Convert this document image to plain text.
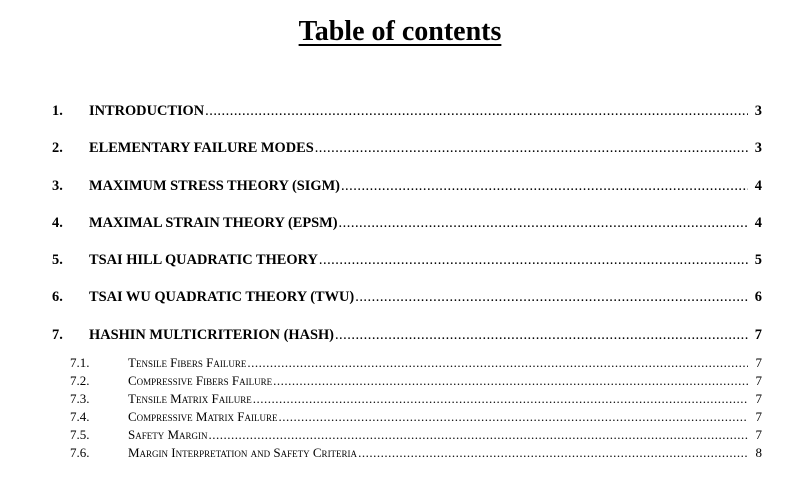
Table of contents
1.	INTRODUCTION .....	3
2.	ELEMENTARY FAILURE MODES .....	3
3.	MAXIMUM STRESS THEORY (SIGM) .....	4
4.	MAXIMAL STRAIN THEORY (EPSM) .....	4
5.	TSAI HILL QUADRATIC THEORY .....	5
6.	TSAI WU QUADRATIC THEORY (TWU) .....	6
7.	HASHIN MULTICRITERION (HASH) .....	7
7.1.	Tensile Fibers Failure .....	7
7.2.	Compressive Fibers Failure .....	7
7.3.	Tensile Matrix Failure .....	7
7.4.	Compressive Matrix Failure .....	7
7.5.	Safety Margin .....	7
7.6.	Margin Interpretation and Safety Criteria .....	8
